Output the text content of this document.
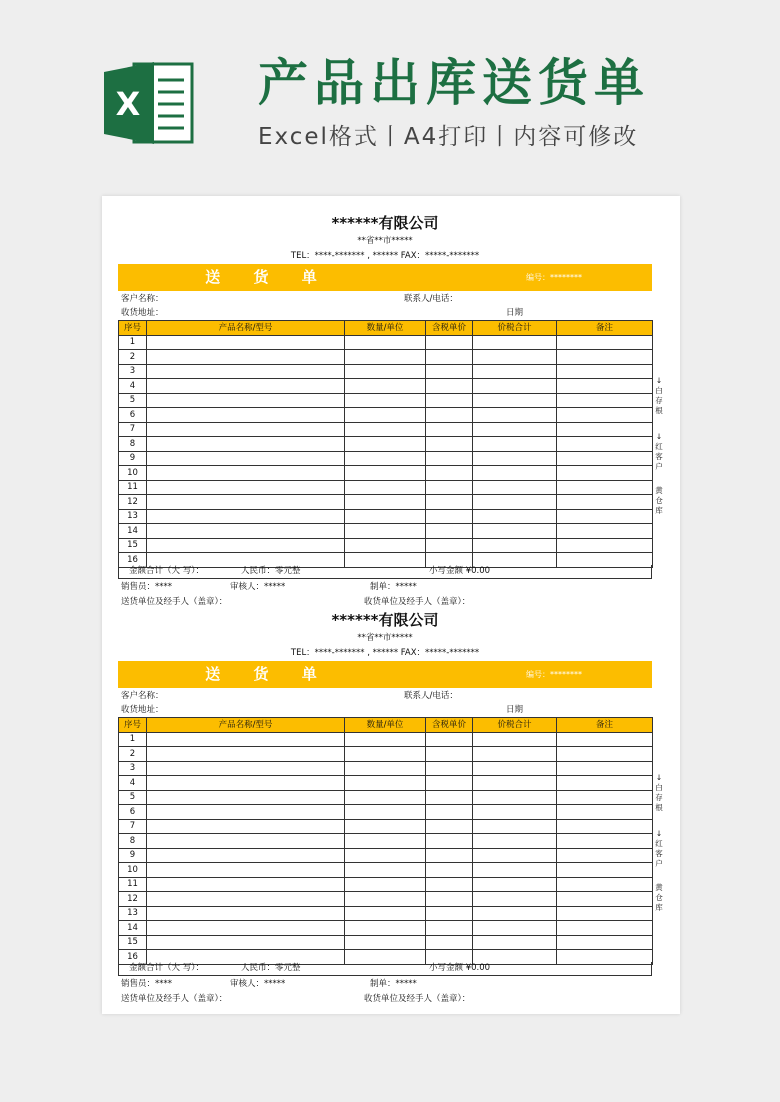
X 产品出库送货单
Excel格式丨A4打印丨内容可修改
******有限公司
**省**市*****
TEL：****-******* , ****** FAX：*****-*******
送 货 单	编号：********
客户名称：	联系人/电话：
收货地址：	日期
序号	产品名称/型号	数量/单位	含税单价	价税合计	备注
1					
2					
3					
4					
5					
6					
7					
8					
9					
10					
11					
12					
13					
14					
15					
16					
金额合计（大 写）：	人民币：零元整	小写金额 ¥0.00
销售员：****	审核人：*****	制单：*****
送货单位及经手人（盖章）：	收货单位及经手人（盖章）：
******有限公司
**省**市*****
TEL：****-******* , ****** FAX：*****-*******
送 货 单	编号：********
客户名称：	联系人/电话：
收货地址：	日期
序号	产品名称/型号	数量/单位	含税单价	价税合计	备注
1					
2					
3					
4					
5					
6					
7					
8					
9					
10					
11					
12					
13					
14					
15					
16					
金额合计（大 写）：	人民币：零元整	小写金额 ¥0.00
销售员：****	审核人：*****	制单：*****
送货单位及经手人（盖章）：	收货单位及经手人（盖章）：
↓
白
存
根
↓
红
客
户
黄
仓
库
↓
白
存
根
↓
红
客
户
黄
仓
库
